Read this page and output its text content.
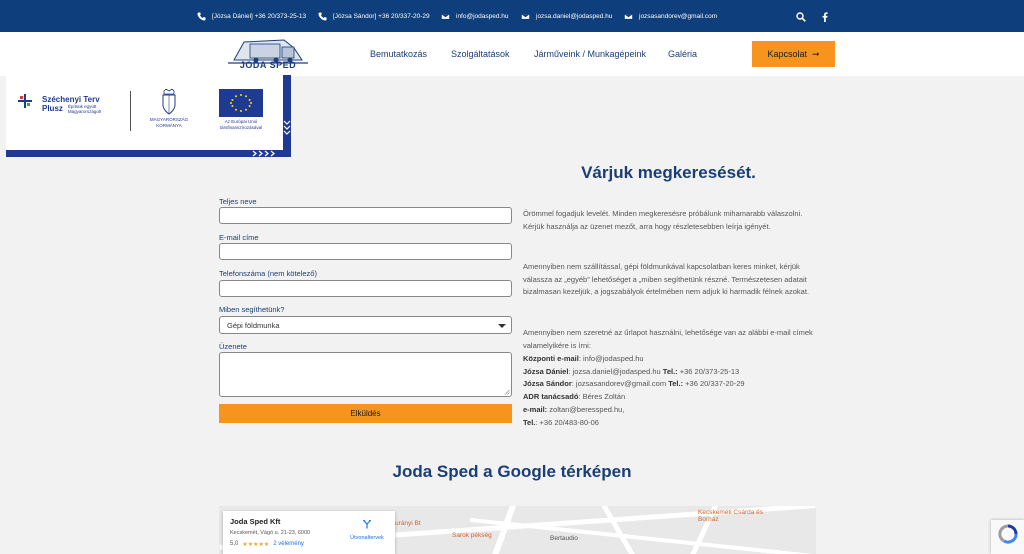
[Józsa Dániel] +36 20/373-25-13	[Józsa Sándor] +36 20/337-20-29	info@jodasped.hu	jozsa.daniel@jodasped.hu	jozsasandorev@gmail.com
JODA SPED
Bemutatkozás	Szolgáltatások	Járműveink / Munkagépeink Galéria	Kapcsolat ➞
Széchenyi Terv
Plusz Építsük együtt
Magyarországot!
MAGYARORSZÁG
KORMÁNYA
Az Európai Unió
társfinanszírozásával
Teljes neve
E-mail címe
Telefonszáma (nem kötelező)
Miben segíthetünk?
Gépi földmunka
Üzenete
Elküldés
Várjuk megkeresését.
Örömmel fogadjuk levelét. Minden megkeresésre próbálunk mihamarabb válaszolni. Kérjük használja az üzenet mezőt, arra hogy részletesebben leírja igényét.
Amennyiben nem szállítással, gépi földmunkával kapcsolatban keres minket, kérjük válassza az „egyéb” lehetőséget a „miben segíthetünk részné. Természetesen adatait bizalmasan kezeljük, a jogszabályok értelmében nem adjuk ki harmadik félnek azokat.
Amennyiben nem szeretné az űrlapot használni, lehetősége van az alábbi e-mail címek valamelyikére is írni:
Központi e-mail: info@jodasped.hu
Józsa Dániel: jozsa.daniel@jodasped.hu Tel.: +36 20/373-25-13
Józsa Sándor: jozsasandorev@gmail.com Tel.: +36 20/337-20-29
ADR tanácsadó: Béres Zoltán
e-mail: zoltan@beressped.hu,
Tel.: +36 20/483-80-06
Joda Sped a Google térképen
urányi Bt
Sarok pékség	Bertaudio
Kecskeméti Csárda és Borház
Joda Sped Kft
Kecskemét, Vágó u. 21-23, 6000
5,0 ★★★★★ 2 vélemény
Útvonaltervek
